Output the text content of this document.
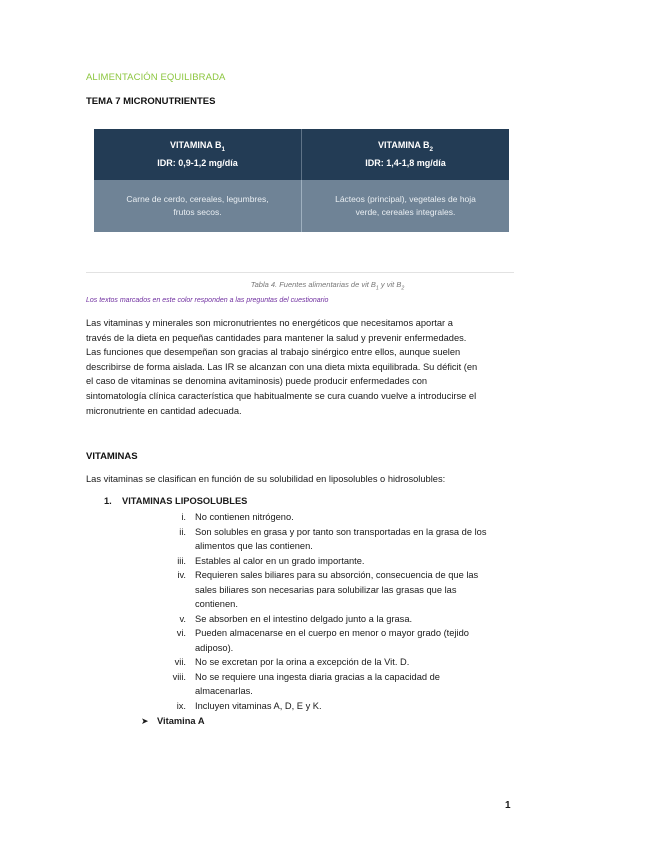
ALIMENTACIÓN EQUILIBRADA
TEMA 7 MICRONUTRIENTES
VITAMINA $B_1$
IDR: 0,9-1,2 mg/día
VITAMINA $B_2$
IDR: 1,4-1,8 mg/día
Carne de cerdo, cereales, legumbres,
frutos secos.
Lácteos (principal), vegetales de hoja
verde, cereales integrales.
Tabla 4. Fuentes alimentarias de vit $B_1$ y vit $B_2$
Los textos marcados en este color responden a las preguntas del cuestionario
Las vitaminas y minerales son micronutrientes no energéticos que necesitamos aportar a
través de la dieta en pequeñas cantidades para mantener la salud y prevenir enfermedades.
Las funciones que desempeñan son gracias al trabajo sinérgico entre ellos, aunque suelen
describirse de forma aislada. Las IR se alcanzan con una dieta mixta equilibrada. Su déficit (en
el caso de vitaminas se denomina avitaminosis) puede producir enfermedades con
sintomatología clínica característica que habitualmente se cura cuando vuelve a introducirse el
micronutriente en cantidad adecuada.
VITAMINAS
Las vitaminas se clasifican en función de su solubilidad en liposolubles o hidrosolubles:
1. VITAMINAS LIPOSOLUBLES
i. No contienen nitrógeno.
ii. Son solubles en grasa y por tanto son transportadas en la grasa de los
alimentos que las contienen.
iii. Estables al calor en un grado importante.
iv. Requieren sales biliares para su absorción, consecuencia de que las
sales biliares son necesarias para solubilizar las grasas que las
contienen.
v. Se absorben en el intestino delgado junto a la grasa.
vi. Pueden almacenarse en el cuerpo en menor o mayor grado (tejido
adiposo).
vii. No se excretan por la orina a excepción de la Vit. D.
viii. No se requiere una ingesta diaria gracias a la capacidad de
almacenarlas.
ix. Incluyen vitaminas A, D, E y K.
➤ Vitamina A
1
